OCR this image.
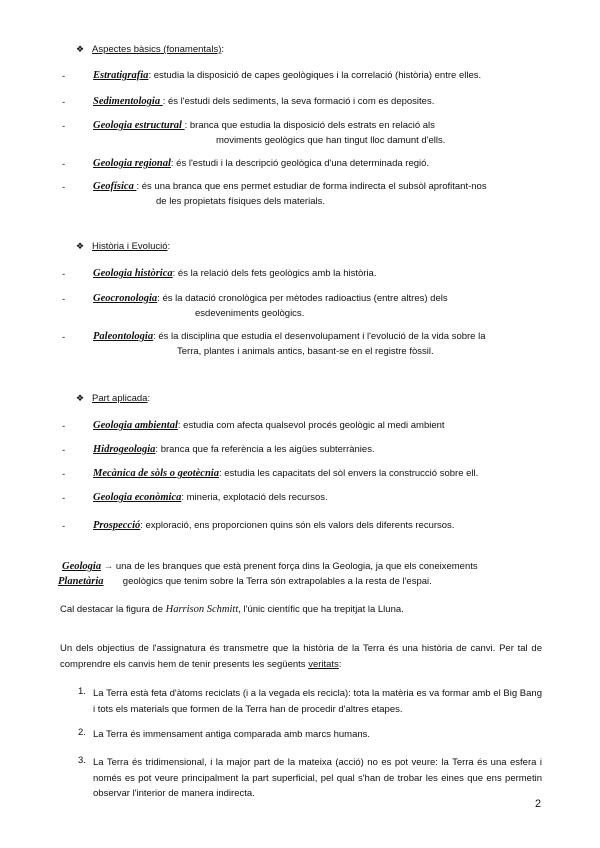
❖ Aspectes bàsics (fonamentals):
-	Estratigrafia: estudia la disposició de capes geològiques i la correlació (història) entre elles.
-	Sedimentologia : és l'estudi dels sediments, la seva formació i com es deposites.
-	Geologia estructural : branca que estudia la disposició dels estrats en relació als
moviments geològics que han tingut lloc damunt d'ells.
-	Geologia regional: és l'estudi i la descripció geològica d'una determinada regió.
-	Geofísica : és una branca que ens permet estudiar de forma indirecta el subsòl aprofitant-nos
de les propietats físiques dels materials.
❖ Història i Evolució:
-	Geologia històrica: és la relació dels fets geològics amb la història.
-	Geocronologia: és la datació cronològica per mètodes radioactius (entre altres) dels
esdeveniments geològics.
-	Paleontologia: és la disciplina que estudia el desenvolupament i l'evolució de la vida sobre la
Terra, plantes i animals antics, basant-se en el registre fòssil.
❖ Part aplicada:
-	Geologia ambiental: estudia com afecta qualsevol procés geològic al medi ambient
-	Hidrogeologia: branca que fa referència a les aigües subterrànies.
-	Mecànica de sòls o geotècnia: estudia les capacitats del sòl envers la construcció sobre ell.
-	Geologia econòmica: mineria, explotació dels recursos.
-	Prospecció: exploració, ens proporcionen quins són els valors dels diferents recursos.
Geologia → una de les branques que està prenent força dins la Geologia, ja que els coneixements
Planetària geològics que tenim sobre la Terra són extrapolables a la resta de l'espai.
Cal destacar la figura de Harrison Schmitt, l'únic científic que ha trepitjat la Lluna.
Un dels objectius de l'assignatura és transmetre que la història de la Terra és una història de canvi. Per tal de comprendre els canvis hem de tenir presents les següents veritats:
1. La Terra està feta d'àtoms reciclats (i a la vegada els recicla): tota la matèria es va formar amb el Big Bang i tots els materials que formen de la Terra han de procedir d'altres etapes.
2. La Terra és immensament antiga comparada amb marcs humans.
3. La Terra és tridimensional, i la major part de la mateixa (acció) no es pot veure: la Terra és una esfera i només es pot veure principalment la part superficial, pel qual s'han de trobar les eines que ens permetin observar l'interior de manera indirecta.
2
